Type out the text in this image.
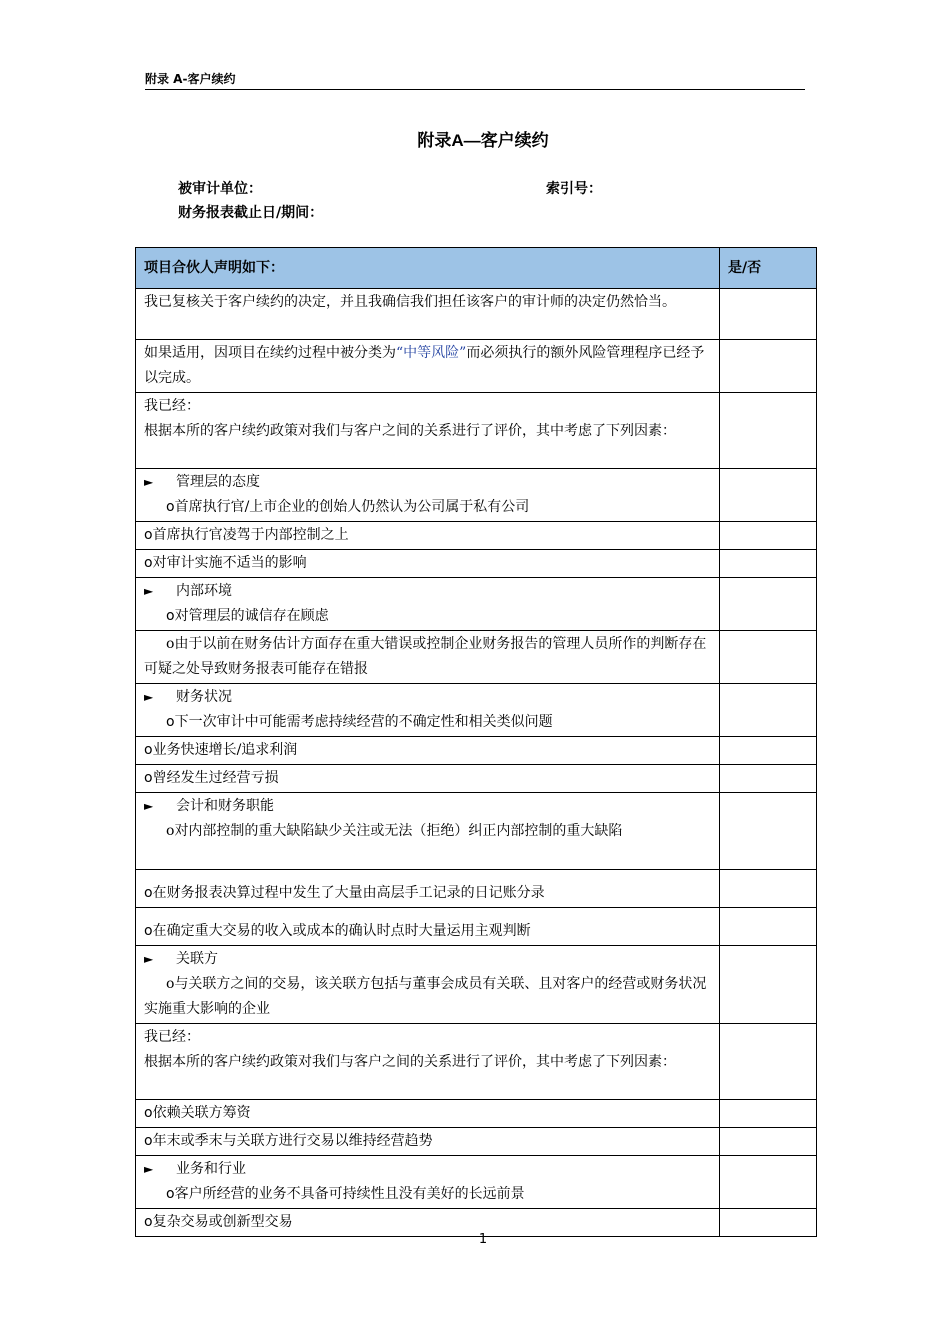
附录 A-客户续约
附录A—客户续约
被审计单位：	索引号：
财务报表截止日/期间：
项目合伙人声明如下：	是/否
我已复核关于客户续约的决定，并且我确信我们担任该客户的审计师的决定仍然恰当。	
如果适用，因项目在续约过程中被分类为“中等风险”而必须执行的额外风险管理程序已经予以完成。	

我已经：
根据本所的客户续约政策对我们与客户之间的关系进行了评价，其中考虑了下列因素：	

► 管理层的态度
o首席执行官/上市企业的创始人仍然认为公司属于私有公司	

o首席执行官凌驾于内部控制之上	
o对审计实施不适当的影响	

► 内部环境
o对管理层的诚信存在顾虑	

o由于以前在财务估计方面存在重大错误或控制企业财务报告的管理人员所作的判断存在可疑之处导致财务报表可能存在错报	

► 财务状况
o下一次审计中可能需考虑持续经营的不确定性和相关类似问题	

o业务快速增长/追求利润	
o曾经发生过经营亏损	

► 会计和财务职能
o对内部控制的重大缺陷缺少关注或无法（拒绝）纠正内部控制的重大缺陷	

o在财务报表决算过程中发生了大量由高层手工记录的日记账分录	
o在确定重大交易的收入或成本的确认时点时大量运用主观判断	

► 关联方
o与关联方之间的交易，该关联方包括与董事会成员有关联、且对客户的经营或财务状况实施重大影响的企业	

我已经：
根据本所的客户续约政策对我们与客户之间的关系进行了评价，其中考虑了下列因素：	

o依赖关联方筹资	
o年末或季末与关联方进行交易以维持经营趋势	

► 业务和行业
o客户所经营的业务不具备可持续性且没有美好的长远前景	

o复杂交易或创新型交易	
1
